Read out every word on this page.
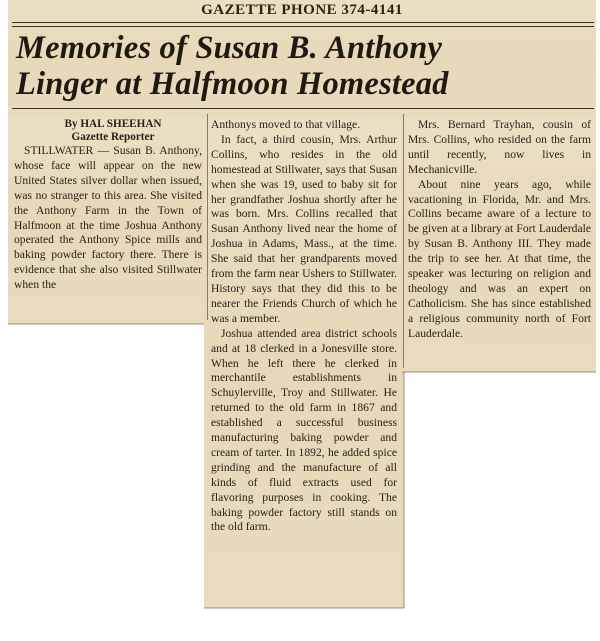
GAZETTE PHONE 374-4141
Memories of Susan B. Anthony
Linger at Halfmoon Homestead

By HAL SHEEHAN

Gazette Reporter

STILLWATER — Susan B. Anthony, whose face will appear on the new United States silver dollar when issued, was no stranger to this area. She visited the Anthony Farm in the Town of Halfmoon at the time Joshua Anthony operated the Anthony Spice mills and baking powder factory there. There is evidence that she also visited Stillwater when the

Anthonys moved to that village.

In fact, a third cousin, Mrs. Arthur Collins, who resides in the old homestead at Stillwater, says that Susan when she was 19, used to baby sit for her grandfather Joshua shortly after he was born. Mrs. Collins recalled that Susan Anthony lived near the home of Joshua in Adams, Mass., at the time. She said that her grandparents moved from the farm near Ushers to Stillwater. History says that they did this to be nearer the Friends Church of which he was a member.

Joshua attended area district schools and at 18 clerked in a Jonesville store. When he left there he clerked in merchantile establishments in Schuylerville, Troy and Stillwater. He returned to the old farm in 1867 and established a successful business manufacturing baking powder and cream of tarter. In 1892, he added spice grinding and the manufacture of all kinds of fluid extracts used for flavoring purposes in cooking. The baking powder factory still stands on the old farm.

Mrs. Bernard Trayhan, cousin of Mrs. Collins, who resided on the farm until recently, now lives in Mechanicville.

About nine years ago, while vacationing in Florida, Mr. and Mrs. Collins became aware of a lecture to be given at a library at Fort Lauderdale by Susan B. Anthony III. They made the trip to see her. At that time, the speaker was lecturing on religion and theology and was an expert on Catholicism. She has since established a religious community north of Fort Lauderdale.
